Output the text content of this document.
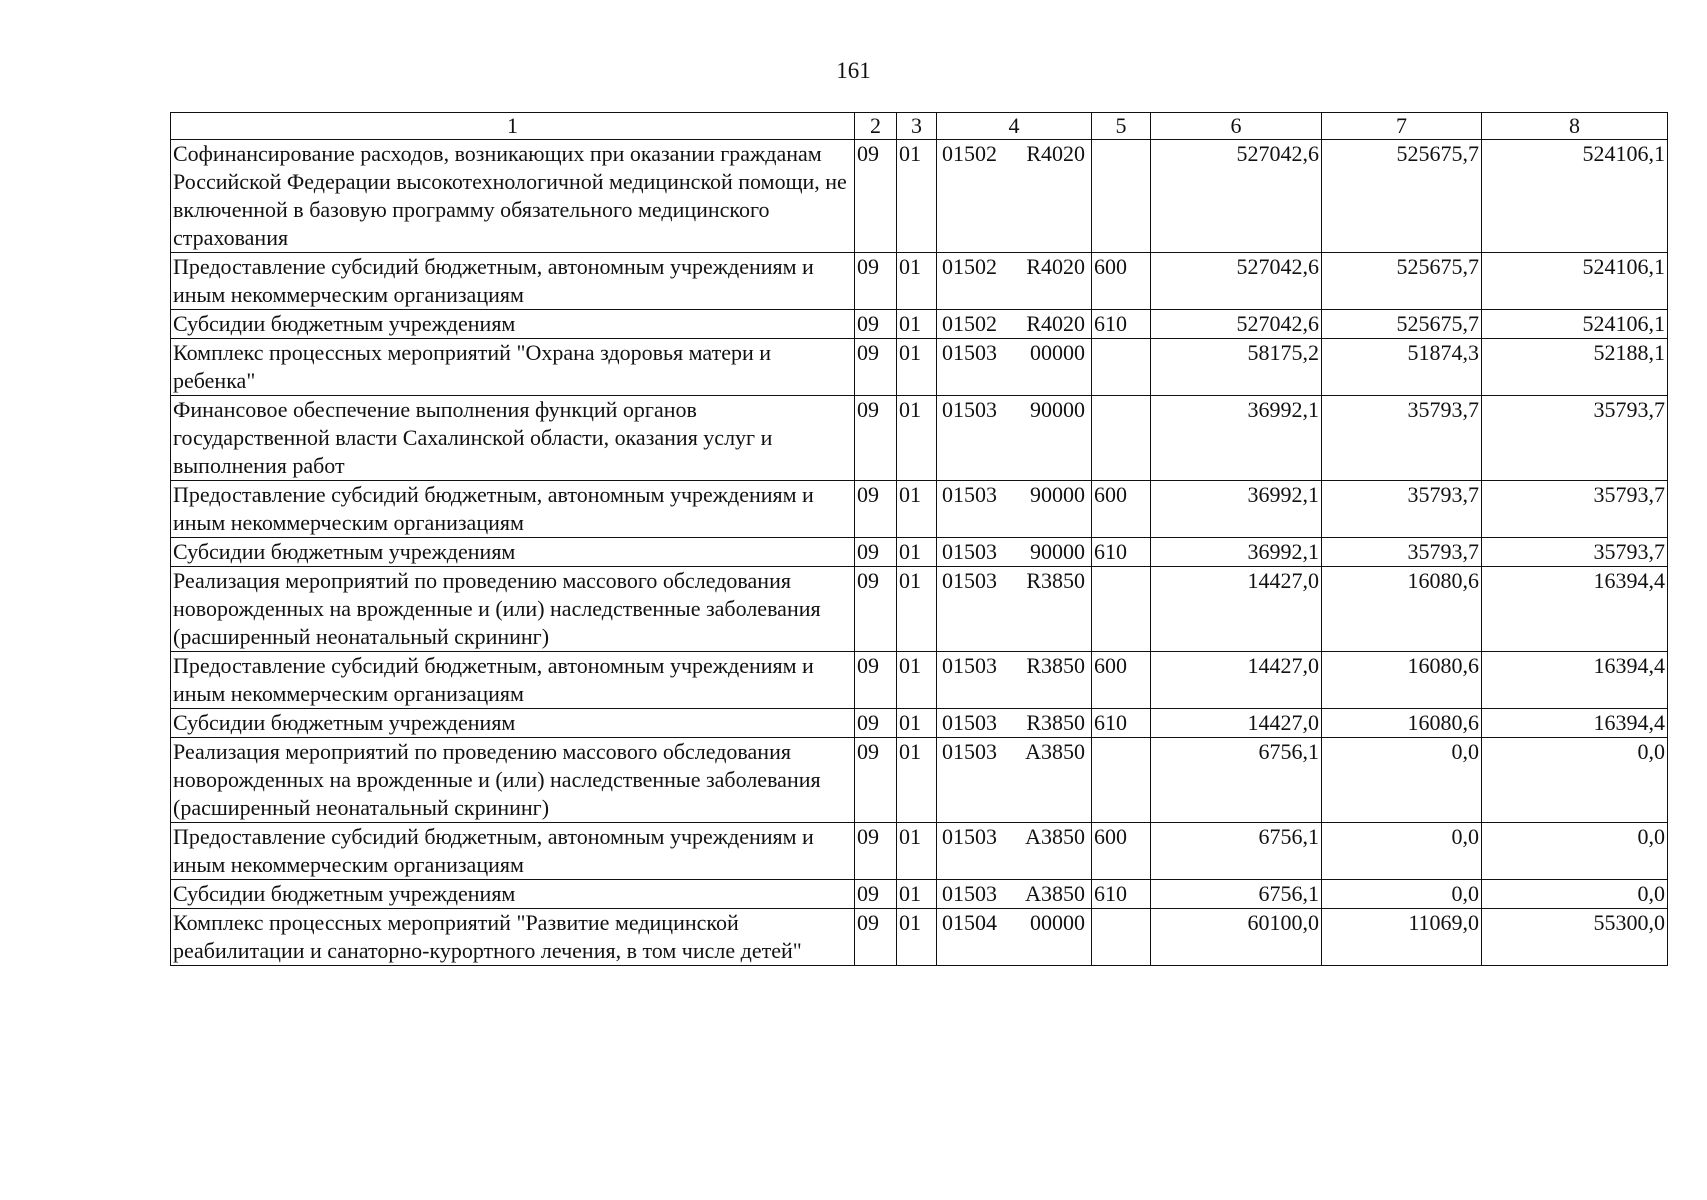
161
1	2	3	4	5	6	7	8
Софинансирование расходов, возникающих при оказании гражданам Российской Федерации высокотехнологичной медицинской помощи, не включенной в базовую программу обязательного медицинского страхования	09	01	01502 R4020		527042,6	525675,7	524106,1
Предоставление субсидий бюджетным, автономным учреждениям и иным некоммерческим организациям	09	01	01502 R4020	600	527042,6	525675,7	524106,1
Субсидии бюджетным учреждениям	09	01	01502 R4020	610	527042,6	525675,7	524106,1
Комплекс процессных мероприятий "Охрана здоровья матери и ребенка"	09	01	01503 00000		58175,2	51874,3	52188,1
Финансовое обеспечение выполнения функций органов государственной власти Сахалинской области, оказания услуг и выполнения работ	09	01	01503 90000		36992,1	35793,7	35793,7
Предоставление субсидий бюджетным, автономным учреждениям и иным некоммерческим организациям	09	01	01503 90000	600	36992,1	35793,7	35793,7
Субсидии бюджетным учреждениям	09	01	01503 90000	610	36992,1	35793,7	35793,7
Реализация мероприятий по проведению массового обследования новорожденных на врожденные и (или) наследственные заболевания (расширенный неонатальный скрининг)	09	01	01503 R3850		14427,0	16080,6	16394,4
Предоставление субсидий бюджетным, автономным учреждениям и иным некоммерческим организациям	09	01	01503 R3850	600	14427,0	16080,6	16394,4
Субсидии бюджетным учреждениям	09	01	01503 R3850	610	14427,0	16080,6	16394,4
Реализация мероприятий по проведению массового обследования новорожденных на врожденные и (или) наследственные заболевания (расширенный неонатальный скрининг)	09	01	01503 А3850		6756,1	0,0	0,0
Предоставление субсидий бюджетным, автономным учреждениям и иным некоммерческим организациям	09	01	01503 А3850	600	6756,1	0,0	0,0
Субсидии бюджетным учреждениям	09	01	01503 А3850	610	6756,1	0,0	0,0
Комплекс процессных мероприятий "Развитие медицинской реабилитации и санаторно-курортного лечения, в том числе детей"	09	01	01504 00000		60100,0	11069,0	55300,0
